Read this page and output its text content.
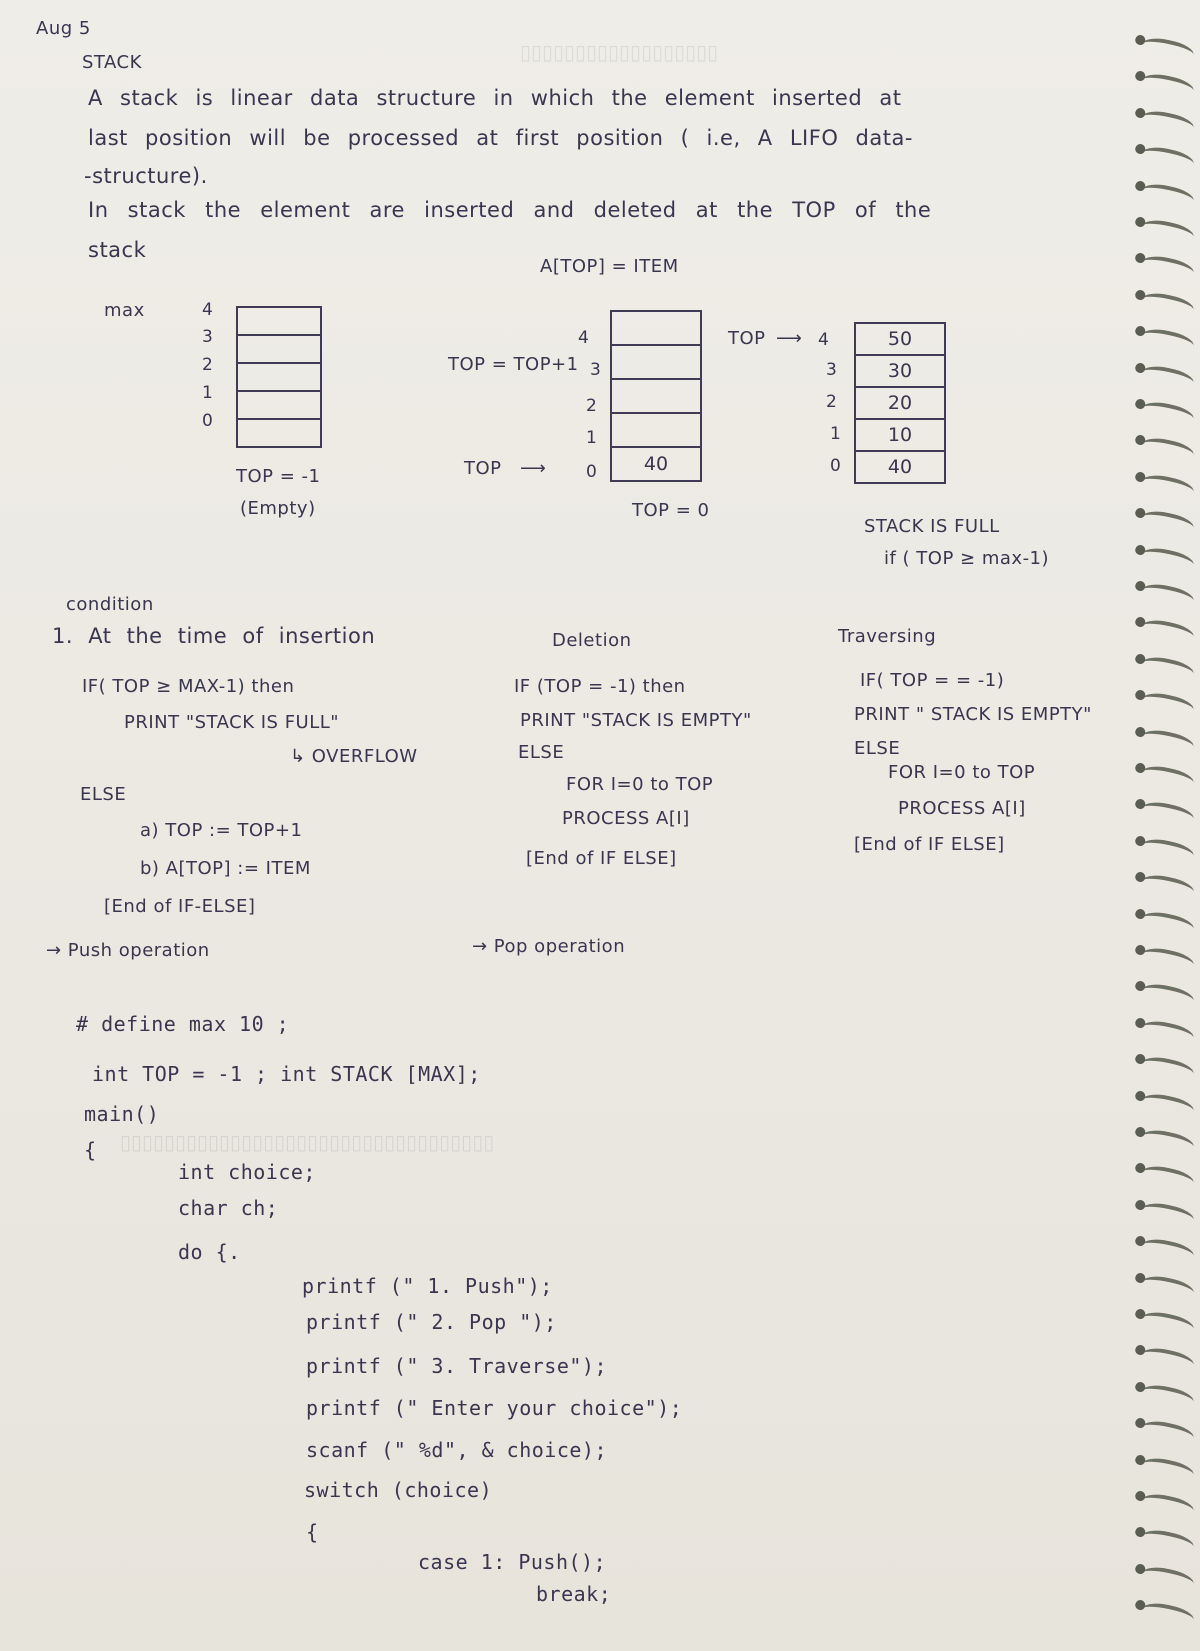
▯▯▯▯▯▯▯▯▯▯▯▯▯▯▯▯▯▯
▯▯▯▯▯▯▯▯▯▯▯▯▯▯▯▯▯▯▯▯▯▯▯▯▯▯▯▯▯▯▯▯▯▯

Aug 5

STACK

A stack is linear data structure in which the element inserted at

last position will be processed at first position ( i.e, A LIFO data-

-structure).

In stack the element are inserted and deleted at the TOP of the

stack

A[TOP] = ITEM

max	4
3
2
1
0

TOP = -1

(Empty)

4

TOP = TOP+1 3
2
1
40

TOP ⟶ 0

TOP = 0

TOP ⟶ 4
3
2
1
0
50
30
20
10
40

STACK IS FULL

if ( TOP ≥ max-1)

condition

1. At the time of insertion

IF( TOP ≥ MAX-1) then

PRINT "STACK IS FULL"

↳ OVERFLOW

ELSE

a) TOP := TOP+1

b) A[TOP] := ITEM

[End of IF-ELSE]

→ Push operation

Deletion

IF (TOP = -1) then

PRINT "STACK IS EMPTY"

ELSE

FOR I=0 to TOP

PROCESS A[I]

[End of IF ELSE]

→ Pop operation

Traversing

IF( TOP = = -1)

PRINT " STACK IS EMPTY"

ELSE

FOR I=0 to TOP

PROCESS A[I]

[End of IF ELSE]

# define max 10 ;

int TOP = -1 ; int STACK [MAX];

main()

{

int choice;

char ch;

do {.

printf (" 1. Push");

printf (" 2. Pop ");

printf (" 3. Traverse");

printf (" Enter your choice");

scanf (" %d", & choice);

switch (choice)

{

case 1: Push();

break;
